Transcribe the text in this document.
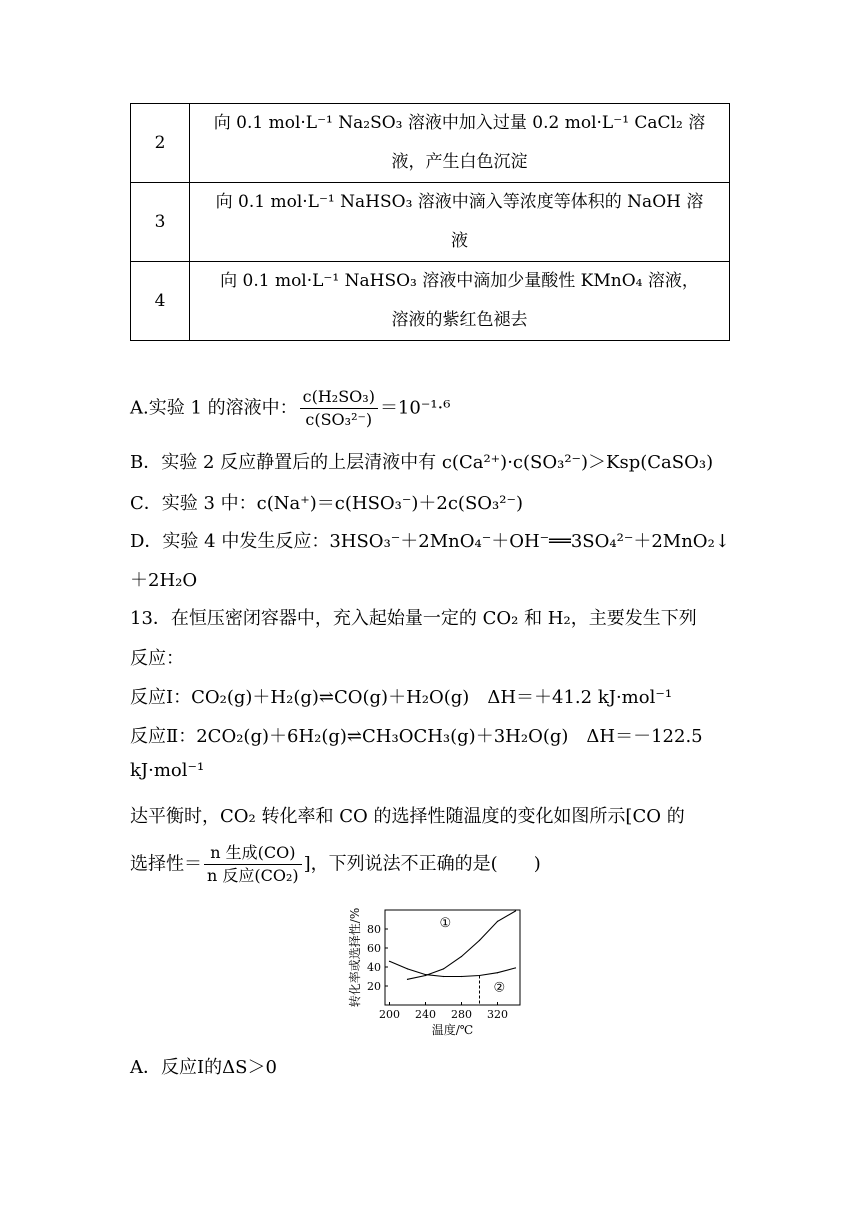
2	向 0.1 mol·L⁻¹ Na₂SO₃ 溶液中加入过量 0.2 mol·L⁻¹ CaCl₂ 溶
液，产生白色沉淀

3	向 0.1 mol·L⁻¹ NaHSO₃ 溶液中滴入等浓度等体积的 NaOH 溶
液

4	向 0.1 mol·L⁻¹ NaHSO₃ 溶液中滴加少量酸性 KMnO₄ 溶液，
溶液的紫红色褪去
A.实验 1 的溶液中： $\frac{\text{c(H₂SO₃)}}{\text{c(SO₃²⁻)}} =10^{-1}\cdot^6$
B．实验 2 反应静置后的上层清液中有 c(Ca²⁺)·c(SO₃²⁻)＞Ksp(CaSO₃)
C．实验 3 中：c(Na⁺)＝c(HSO₃⁻)＋2c(SO₃²⁻)
D．实验 4 中发生反应：3HSO₃⁻＋2MnO₄⁻＋OH⁻══3SO₄²⁻＋2MnO₂↓
＋2H₂O
13．在恒压密闭容器中，充入起始量一定的 CO₂ 和 H₂，主要发生下列
反应：
反应Ⅰ：CO₂(g)＋H₂(g)⇌CO(g)＋H₂O(g)　ΔH＝＋41.2 kJ·mol⁻¹
反应Ⅱ：2CO₂(g)＋6H₂(g)⇌CH₃OCH₃(g)＋3H₂O(g)　ΔH＝－122.5
kJ·mol⁻¹
达平衡时，CO₂ 转化率和 CO 的选择性随温度的变化如图所示[CO 的
选择性＝ $\frac{\text{n 生成(CO)}}{\text{n 反应(CO₂)}}$ ]，下列说法不正确的是(　　)
20
40
60
80
200 240 280 320
温度/℃
转化率或选择性/%	①
②
A．反应Ⅰ的ΔS＞0
